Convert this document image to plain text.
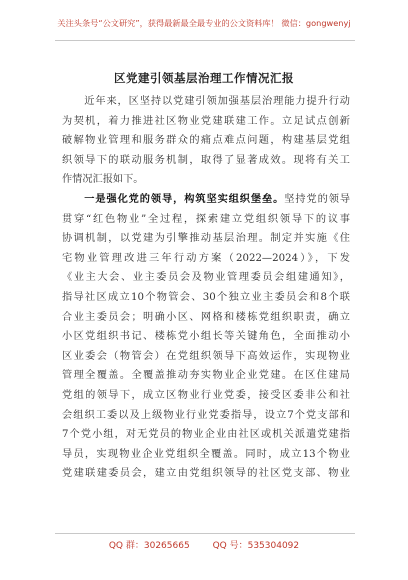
关注头条号“公文研究”，获得最新最全最专业的公文资料库！ 微信：gongwenyj
区党建引领基层治理工作情况汇报
　　近年来，区坚持以党建引领加强基层治理能力提升行动
为契机，着力推进社区物业党建联建工作。立足试点创新
破解物业管理和服务群众的痛点难点问题，构建基层党组
织领导下的联动服务机制，取得了显著成效。现将有关工
作情况汇报如下。
　　一是强化党的领导，构筑坚实组织堡垒。坚持党的领导
贯穿“红色物业”全过程，探索建立党组织领导下的议事
协调机制，以党建为引擎推动基层治理。制定并实施《住
宅物业管理改进三年行动方案（2022—2024）》，下发
《业主大会、业主委员会及物业管理委员会组建通知》，
指导社区成立10个物管会、30个独立业主委员会和8个联
合业主委员会；明确小区、网格和楼栋党组织职责，确立
小区党组织书记、楼栋党小组长等关键角色，全面推动小
区业委会（物管会）在党组织领导下高效运作，实现物业
管理全覆盖。全覆盖推动夯实物业企业党建。在区住建局
党组的领导下，成立区物业行业党委，接受区委非公和社
会组织工委以及上级物业行业党委指导，设立7个党支部和
7个党小组，对无党员的物业企业由社区或机关派遣党建指
导员，实现物业企业党组织全覆盖。同时，成立13个物业
党建联建委员会，建立由党组织领导的社区党支部、物业
QQ 群：30265665	QQ 号：535304092
